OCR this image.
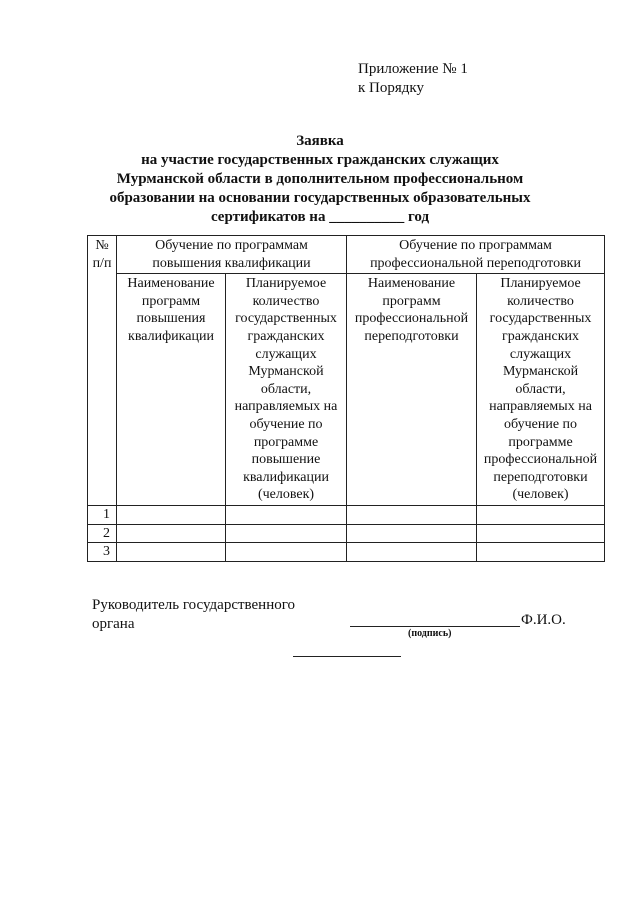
Приложение № 1
к Порядку
Заявка
на участие государственных гражданских служащих
Мурманской области в дополнительном профессиональном
образовании на основании государственных образовательных
сертификатов на __________ год
№ п/п	Обучение по программам повышения квалификации		Обучение по программам профессиональной переподготовки	
	Наименование программ повышения квалификации	Планируемое количество государственных гражданских служащих Мурманской области, направляемых на обучение по программе повышение квалификации (человек)	Наименование программ профессиональной переподготовки	Планируемое количество государственных гражданских служащих Мурманской области, направляемых на обучение по программе профессиональной переподготовки (человек)
1				
2				
3				
Руководитель государственного
органа	Ф.И.О.
(подпись)
